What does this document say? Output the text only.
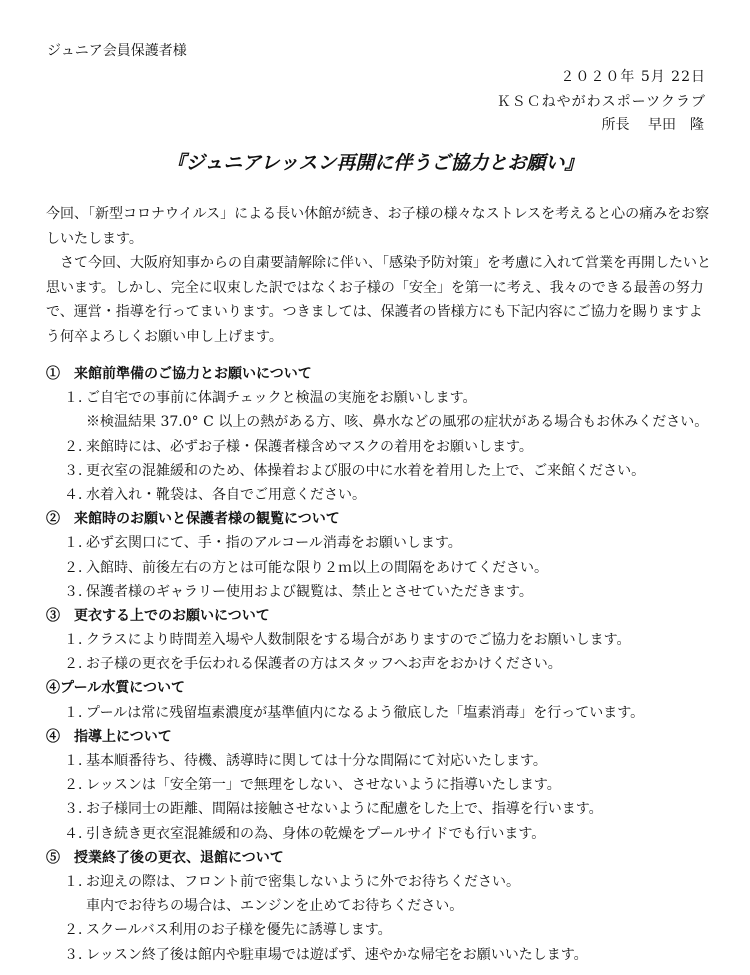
ジュニア会員保護者様
２０２０年 5月 22日
ＫＳＣねやがわスポーツクラブ
所長　 早田　隆
『ジュニアレッスン再開に伴うご協力とお願い』

今回、「新型コロナウイルス」による長い休館が続き、お子様の様々なストレスを考えると心の痛みをお察しいたします。

　さて今回、大阪府知事からの自粛要請解除に伴い、「感染予防対策」を考慮に入れて営業を再開したいと思います。しかし、完全に収束した訳ではなくお子様の「安全」を第一に考え、我々のできる最善の努力で、運営・指導を行ってまいります。つきましては、保護者の皆様方にも下記内容にご協力を賜りますよう何卒よろしくお願い申し上げます。

①　来館前準備のご協力とお願いについて
１．ご自宅での事前に体調チェックと検温の実施をお願いします。
※検温結果 37.0° C 以上の熱がある方、咳、鼻水などの風邪の症状がある場合もお休みください。
２．来館時には、必ずお子様・保護者様含めマスクの着用をお願いします。
３．更衣室の混雑緩和のため、体操着および服の中に水着を着用した上で、ご来館ください。
４．水着入れ・靴袋は、各自でご用意ください。
②　来館時のお願いと保護者様の観覧について
１．必ず玄関口にて、手・指のアルコール消毒をお願いします。
２．入館時、前後左右の方とは可能な限り２ｍ以上の間隔をあけてください。
３．保護者様のギャラリー使用および観覧は、禁止とさせていただきます。
③　更衣する上でのお願いについて
１．クラスにより時間差入場や人数制限をする場合がありますのでご協力をお願いします。
２．お子様の更衣を手伝われる保護者の方はスタッフへお声をおかけください。
④プール水質について
１．プールは常に残留塩素濃度が基準値内になるよう徹底した「塩素消毒」を行っています。
④　指導上について
１．基本順番待ち、待機、誘導時に関しては十分な間隔にて対応いたします。
２．レッスンは「安全第一」で無理をしない、させないように指導いたします。
３．お子様同士の距離、間隔は接触させないように配慮をした上で、指導を行います。
４．引き続き更衣室混雑緩和の為、身体の乾燥をプールサイドでも行います。
⑤　授業終了後の更衣、退館について
１．お迎えの際は、フロント前で密集しないように外でお待ちください。
車内でお待ちの場合は、エンジンを止めてお待ちください。
２．スクールバス利用のお子様を優先に誘導します。
３．レッスン終了後は館内や駐車場では遊ばず、速やかな帰宅をお願いいたします。
